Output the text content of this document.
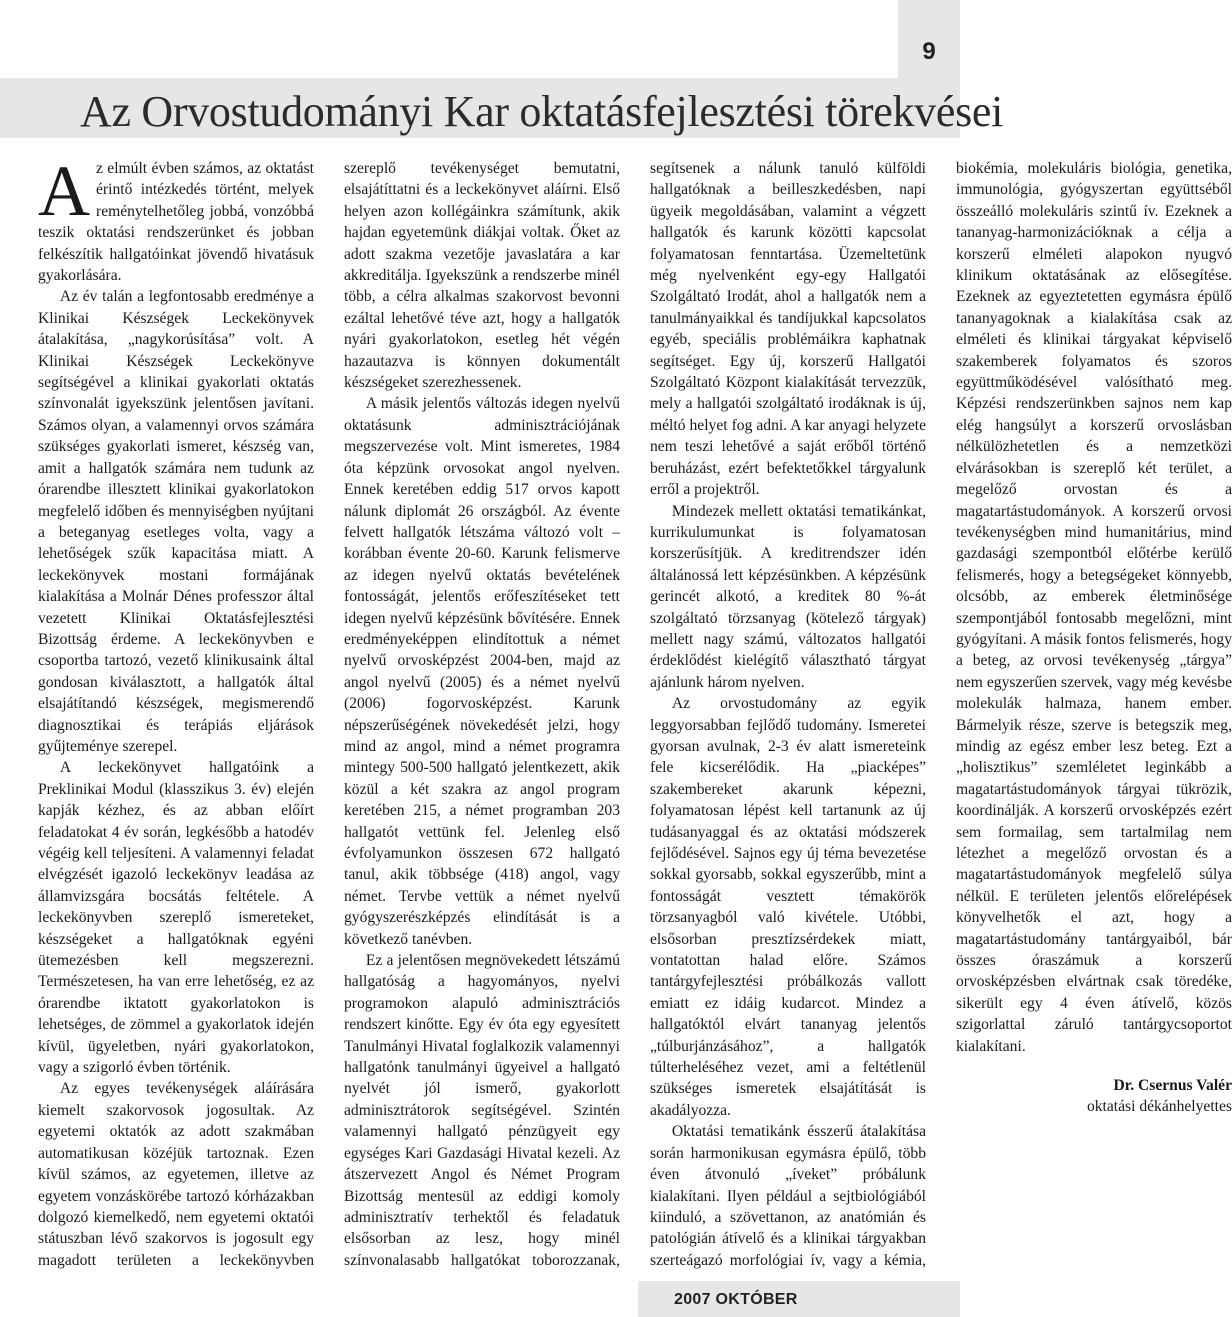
9
Az Orvostudományi Kar oktatásfejlesztési törekvései

Az elmúlt évben számos, az oktatást érintő intézkedés történt, melyek reménytelhetőleg jobbá, vonzóbbá teszik oktatási rendszerünket és jobban felkészítik hallgatóinkat jövendő hivatásuk gyakorlására.

Az év talán a legfontosabb eredménye a Klinikai Készségek Leckekönyvek átalakítása, „nagykorúsítása” volt. A Klinikai Készségek Leckekönyve segítségével a klinikai gyakorlati oktatás színvonalát igyekszünk jelentősen javítani. Számos olyan, a valamennyi orvos számára szükséges gyakorlati ismeret, készség van, amit a hallgatók számára nem tudunk az órarendbe illesztett klinikai gyakorlatokon megfelelő időben és mennyiségben nyújtani a beteganyag esetleges volta, vagy a lehetőségek szűk kapacitása miatt. A leckekönyvek mostani formájának kialakítása a Molnár Dénes professzor által vezetett Klinikai Oktatásfejlesztési Bizottság érdeme. A leckekönyvben e csoportba tartozó, vezető klinikusaink által gondosan kiválasztott, a hallgatók által elsajátítandó készségek, megismerendő diagnosztikai és terápiás eljárások gyűjteménye szerepel.

A leckekönyvet hallgatóink a Preklinikai Modul (klasszikus 3. év) elején kapják kézhez, és az abban előírt feladatokat 4 év során, legkésőbb a hatodév végéig kell teljesíteni. A valamennyi feladat elvégzését igazoló leckekönyv leadása az államvizsgára bocsátás feltétele. A leckekönyvben szereplő ismereteket, készségeket a hallgatóknak egyéni ütemezésben kell megszerezni. Természetesen, ha van erre lehetőség, ez az órarendbe iktatott gyakorlatokon is lehetséges, de zömmel a gyakorlatok idején kívül, ügyeletben, nyári gyakorlatokon, vagy a szigorló évben történik.

Az egyes tevékenységek aláírására kiemelt szakorvosok jogosultak. Az egyetemi oktatók az adott szakmában automatikusan közéjük tartoznak. Ezen kívül számos, az egyetemen, illetve az egyetem vonzáskörébe tartozó kórházakban dolgozó kiemelkedő, nem egyetemi oktatói státuszban lévő szakorvos is jogosult egy magadott területen a leckekönyvben szereplő tevékenységet bemutatni, elsajátíttatni és a leckekönyvet aláírni. Első helyen azon kollégáinkra számítunk, akik hajdan egyetemünk diákjai voltak. Őket az adott szakma vezetője javaslatára a kar akkreditálja. Igyekszünk a rendszerbe minél több, a célra alkalmas szakorvost bevonni ezáltal lehetővé téve azt, hogy a hallgatók nyári gyakorlatokon, esetleg hét végén hazautazva is könnyen dokumentált készségeket szerezhessenek.

A másik jelentős változás idegen nyelvű oktatásunk adminisztrációjának megszervezése volt. Mint ismeretes, 1984 óta képzünk orvosokat angol nyelven. Ennek keretében eddig 517 orvos kapott nálunk diplomát 26 országból. Az évente felvett hallgatók létszáma változó volt – korábban évente 20-60. Karunk felismerve az idegen nyelvű oktatás bevételének fontosságát, jelentős erőfeszítéseket tett idegen nyelvű képzésünk bővítésére. Ennek eredményeképpen elindítottuk a német nyelvű orvosképzést 2004-ben, majd az angol nyelvű (2005) és a német nyelvű (2006) fogorvosképzést. Karunk népszerűségének növekedését jelzi, hogy mind az angol, mind a német programra mintegy 500-500 hallgató jelentkezett, akik közül a két szakra az angol program keretében 215, a német programban 203 hallgatót vettünk fel. Jelenleg első évfolyamunkon összesen 672 hallgató tanul, akik többsége (418) angol, vagy német. Tervbe vettük a német nyelvű gyógyszerészképzés elindítását is a következő tanévben.

Ez a jelentősen megnövekedett létszámú hallgatóság a hagyományos, nyelvi programokon alapuló adminisztrációs rendszert kinőtte. Egy év óta egy egyesített Tanulmányi Hivatal foglalkozik valamennyi hallgatónk tanulmányi ügyeivel a hallgató nyelvét jól ismerő, gyakorlott adminisztrátorok segítségével. Szintén valamennyi hallgató pénzügyeit egy egységes Kari Gazdasági Hivatal kezeli. Az átszervezett Angol és Német Program Bizottság mentesül az eddigi komoly adminisztratív terhektől és feladatuk elsősorban az lesz, hogy minél színvonalasabb hallgatókat toborozzanak, segítsenek a nálunk tanuló külföldi hallgatóknak a beilleszkedésben, napi ügyeik megoldásában, valamint a végzett hallgatók és karunk közötti kapcsolat folyamatosan fenntartása. Üzemeltetünk még nyelvenként egy-egy Hallgatói Szolgáltató Irodát, ahol a hallgatók nem a tanulmányaikkal és tandíjukkal kapcsolatos egyéb, speciális problémáikra kaphatnak segítséget. Egy új, korszerű Hallgatói Szolgáltató Központ kialakítását tervezzük, mely a hallgatói szolgáltató irodáknak is új, méltó helyet fog adni. A kar anyagi helyzete nem teszi lehetővé a saját erőből történő beruházást, ezért befektetőkkel tárgyalunk erről a projektről.

Mindezek mellett oktatási tematikánkat, kurrikulumunkat is folyamatosan korszerűsítjük. A kreditrendszer idén általánossá lett képzésünkben. A képzésünk gerincét alkotó, a kreditek 80 %-át szolgáltató törzsanyag (kötelező tárgyak) mellett nagy számú, változatos hallgatói érdeklődést kielégítő választható tárgyat ajánlunk három nyelven.

Az orvostudomány az egyik leggyorsabban fejlődő tudomány. Ismeretei gyorsan avulnak, 2-3 év alatt ismereteink fele kicserélődik. Ha „piacképes” szakembereket akarunk képezni, folyamatosan lépést kell tartanunk az új tudásanyaggal és az oktatási módszerek fejlődésével. Sajnos egy új téma bevezetése sokkal gyorsabb, sokkal egyszerűbb, mint a fontosságát vesztett témakörök törzsanyagból való kivétele. Utóbbi, elsősorban presztízsérdekek miatt, vontatottan halad előre. Számos tantárgyfejlesztési próbálkozás vallott emiatt ez idáig kudarcot. Mindez a hallgatóktól elvárt tananyag jelentős „túlburjánzásához”, a hallgatók túlterheléséhez vezet, ami a feltétlenül szükséges ismeretek elsajátítását is akadályozza.

Oktatási tematikánk ésszerű átalakítása során harmonikusan egymásra épülő, több éven átvonuló „íveket” próbálunk kialakítani. Ilyen például a sejtbiológiából kiinduló, a szövettanon, az anatómián és patológián átívelő és a klinikai tárgyakban szerteágazó morfológiai ív, vagy a kémia, biokémia, molekuláris biológia, genetika, immunológia, gyógyszertan együttséből összeálló molekuláris szintű ív. Ezeknek a tananyag-harmonizációknak a célja a korszerű elméleti alapokon nyugvó klinikum oktatásának az elősegítése. Ezeknek az egyeztetetten egymásra épülő tananyagoknak a kialakítása csak az elméleti és klinikai tárgyakat képviselő szakemberek folyamatos és szoros együttműködésével valósítható meg. Képzési rendszerünkben sajnos nem kap elég hangsúlyt a korszerű orvoslásban nélkülözhetetlen és a nemzetközi elvárásokban is szereplő két terület, a megelőző orvostan és a magatartástudományok. A korszerű orvosi tevékenységben mind humanitárius, mind gazdasági szempontból előtérbe kerülő felismerés, hogy a betegségeket könnyebb, olcsóbb, az emberek életminősége szempontjából fontosabb megelőzni, mint gyógyítani. A másik fontos felismerés, hogy a beteg, az orvosi tevékenység „tárgya” nem egyszerűen szervek, vagy még kevésbe molekulák halmaza, hanem ember. Bármelyik része, szerve is betegszik meg, mindig az egész ember lesz beteg. Ezt a „holisztikus” szemléletet leginkább a magatartástudományok tárgyai tükrözik, koordinálják. A korszerű orvosképzés ezért sem formailag, sem tartalmilag nem létezhet a megelőző orvostan és a magatartástudományok megfelelő súlya nélkül. E területen jelentős előrelépések könyvelhetők el azt, hogy a magatartástudomány tantárgyaiból, bár összes óraszámuk a korszerű orvosképzésben elvártnak csak töredéke, sikerült egy 4 éven átívelő, közös szigorlattal záruló tantárgycsoportot kialakítani.

Dr. Csernus Valér
oktatási dékánhelyettes
2007 OKTÓBER
